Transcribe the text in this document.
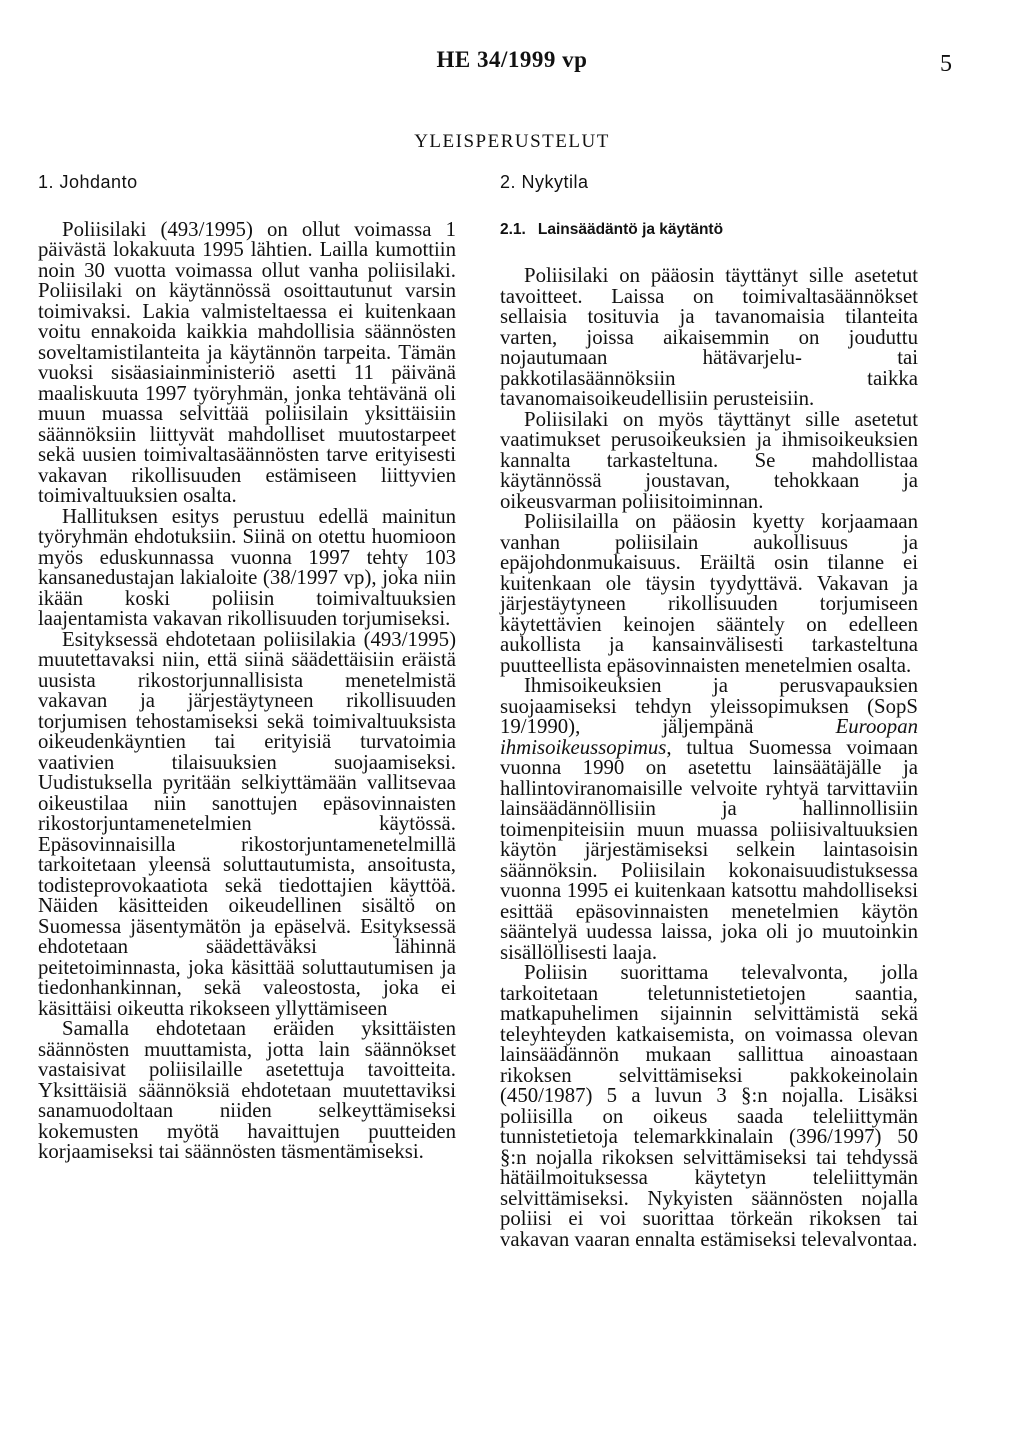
HE 34/1999 vp	5
YLEISPERUSTELUT
1. Johdanto

Poliisilaki (493/1995) on ollut voimassa 1 päivästä lokakuuta 1995 lähtien. Lailla kumottiin noin 30 vuotta voimassa ollut vanha poliisilaki. Poliisilaki on käytännössä osoittautunut varsin toimivaksi. Lakia valmisteltaessa ei kuitenkaan voitu ennakoida kaikkia mahdollisia säännösten soveltamistilanteita ja käytännön tarpeita. Tämän vuoksi sisäasiainministeriö asetti 11 päivänä maaliskuuta 1997 työryhmän, jonka tehtävänä oli muun muassa selvittää poliisilain yksittäisiin säännöksiin liittyvät mahdolliset muutostarpeet sekä uusien toimivaltasäännösten tarve erityisesti vakavan rikollisuuden estämiseen liittyvien toimivaltuuksien osalta.

Hallituksen esitys perustuu edellä mainitun työryhmän ehdotuksiin. Siinä on otettu huomioon myös eduskunnassa vuonna 1997 tehty 103 kansanedustajan lakialoite (38/1997 vp), joka niin ikään koski poliisin toimivaltuuksien laajentamista vakavan rikollisuuden torjumiseksi.

Esityksessä ehdotetaan poliisilakia (493/1995) muutettavaksi niin, että siinä säädettäisiin eräistä uusista rikostorjunnallisista menetelmistä vakavan ja järjestäytyneen rikollisuuden torjumisen tehostamiseksi sekä toimivaltuuksista oikeudenkäyntien tai erityisiä turvatoimia vaativien tilaisuuksien suojaamiseksi. Uudistuksella pyritään selkiyttämään vallitsevaa oikeustilaa niin sanottujen epäsovinnaisten rikostorjuntamenetelmien käytössä. Epäsovinnaisilla rikostorjuntamenetelmillä tarkoitetaan yleensä soluttautumista, ansoitusta, todisteprovokaatiota sekä tiedottajien käyttöä. Näiden käsitteiden oikeudellinen sisältö on Suomessa jäsentymätön ja epäselvä. Esityksessä ehdotetaan säädettäväksi lähinnä peitetoiminnasta, joka käsittää soluttautumisen ja tiedonhankinnan, sekä valeostosta, joka ei käsittäisi oikeutta rikokseen yllyttämiseen

Samalla ehdotetaan eräiden yksittäisten säännösten muuttamista, jotta lain säännökset vastaisivat poliisilaille asetettuja tavoitteita. Yksittäisiä säännöksiä ehdotetaan muutettaviksi sanamuodoltaan niiden selkeyttämiseksi kokemusten myötä havaittujen puutteiden korjaamiseksi tai säännösten täsmentämiseksi.

2. Nykytila
2.1. Lainsäädäntö ja käytäntö

Poliisilaki on pääosin täyttänyt sille asetetut tavoitteet. Laissa on toimivaltasäännökset sellaisia tosituvia ja tavanomaisia tilanteita varten, joissa aikaisemmin on jouduttu nojautumaan hätävarjelu- tai pakkotilasäännöksiin taikka tavanomaisoikeudellisiin perusteisiin.

Poliisilaki on myös täyttänyt sille asetetut vaatimukset perusoikeuksien ja ihmisoikeuksien kannalta tarkasteltuna. Se mahdollistaa käytännössä joustavan, tehokkaan ja oikeusvarman poliisitoiminnan.

Poliisilailla on pääosin kyetty korjaamaan vanhan poliisilain aukollisuus ja epäjohdonmukaisuus. Eräiltä osin tilanne ei kuitenkaan ole täysin tyydyttävä. Vakavan ja järjestäytyneen rikollisuuden torjumiseen käytettävien keinojen sääntely on edelleen aukollista ja kansainvälisesti tarkasteltuna puutteellista epäsovinnaisten menetelmien osalta.

Ihmisoikeuksien ja perusvapauksien suojaamiseksi tehdyn yleissopimuksen (SopS 19/1990), jäljempänä	Euroopan ihmisoikeussopimus, tultua Suomessa voimaan vuonna 1990 on asetettu lainsäätäjälle ja hallintoviranomaisille velvoite ryhtyä tarvittaviin lainsäädännöllisiin ja hallinnollisiin toimenpiteisiin muun muassa poliisivaltuuksien käytön järjestämiseksi selkein laintasoisin säännöksin. Poliisilain kokonaisuudistuksessa vuonna 1995 ei kuitenkaan katsottu mahdolliseksi esittää epäsovinnaisten menetelmien käytön sääntelyä uudessa laissa, joka oli jo muutoinkin sisällöllisesti laaja.

Poliisin suorittama televalvonta, jolla tarkoitetaan teletunnistetietojen saantia, matkapuhelimen sijainnin selvittämistä sekä teleyhteyden katkaisemista, on voimassa olevan lainsäädännön mukaan sallittua ainoastaan rikoksen selvittämiseksi pakkokeinolain (450/1987) 5 a luvun 3 §:n nojalla. Lisäksi poliisilla on oikeus saada teleliittymän tunnistetietoja telemarkkinalain (396/1997) 50 §:n nojalla rikoksen selvittämiseksi tai tehdyssä hätäilmoituksessa käytetyn teleliittymän selvittämiseksi. Nykyisten säännösten nojalla poliisi ei voi suorittaa törkeän rikoksen tai vakavan vaaran ennalta estämiseksi televalvontaa.
